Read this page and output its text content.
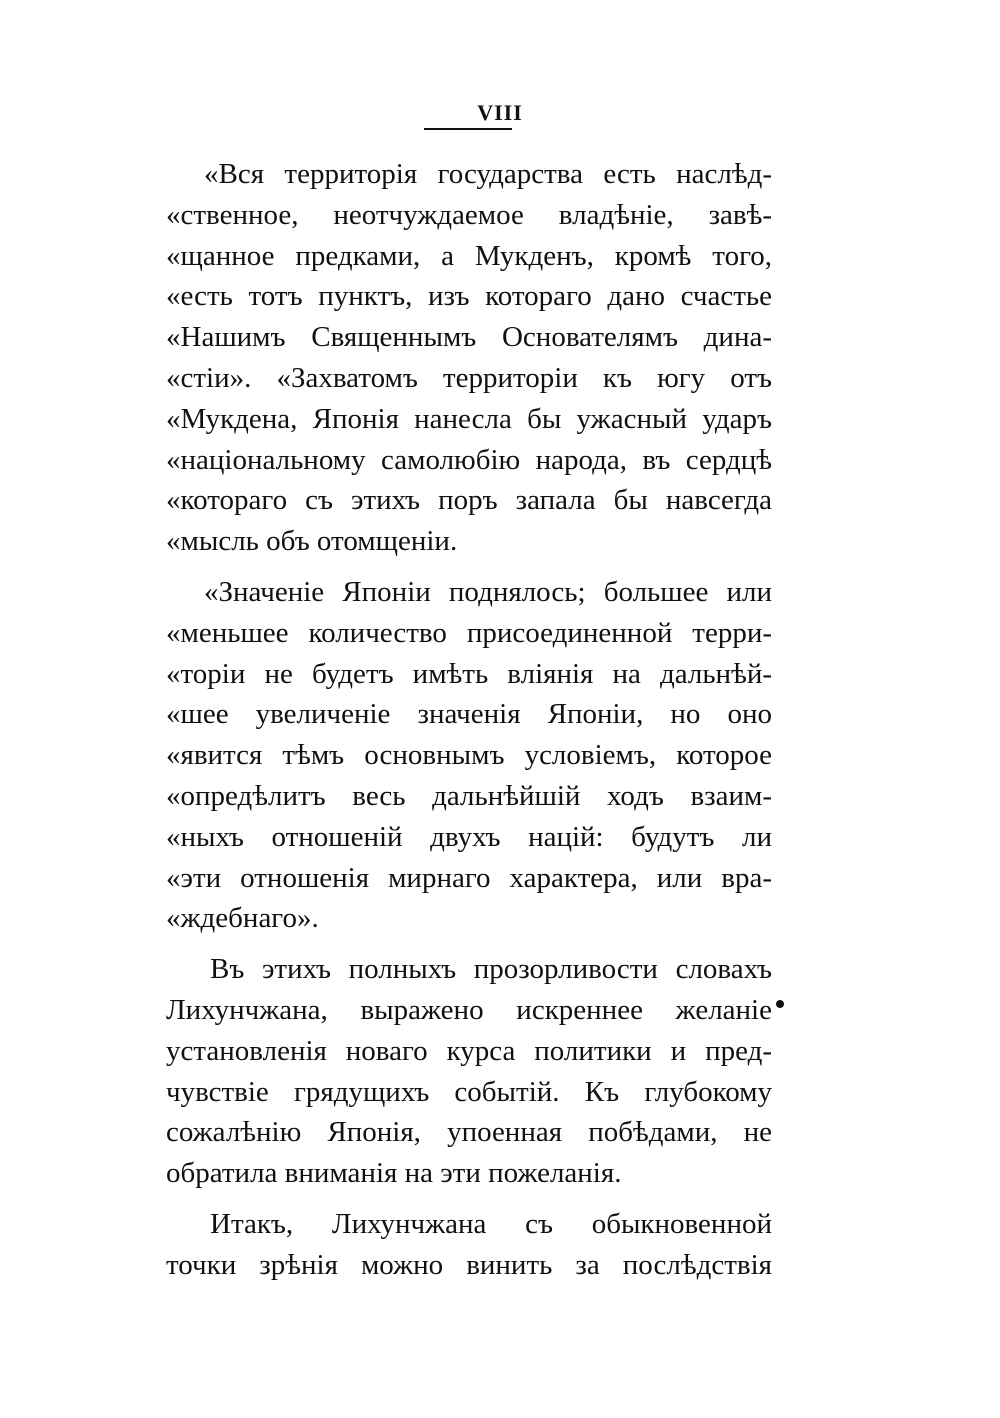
VIII
«Вся территорія государства есть наслѣд-
«ственное, неотчуждаемое владѣніе, завѣ-
«щанное предками, а Мукденъ, кромѣ того,
«есть тотъ пунктъ, изъ котораго дано счастье
«Нашимъ Священнымъ Основателямъ дина-
«стіи». «Захватомъ территоріи къ югу отъ
«Мукдена, Японія нанесла бы ужасный ударъ
«національному самолюбію народа, въ сердцѣ
«котораго съ этихъ поръ запала бы навсегда
«мысль объ отомщеніи.
«Значеніе Японіи поднялось; большее или
«меньшее количество присоединенной терри-
«торіи не будетъ имѣть вліянія на дальнѣй-
«шее увеличеніе значенія Японіи, но оно
«явится тѣмъ основнымъ условіемъ, которое
«опредѣлитъ весь дальнѣйшій ходъ взаим-
«ныхъ отношеній двухъ націй: будутъ ли
«эти отношенія мирнаго характера, или вра-
«ждебнаго».
Въ этихъ полныхъ прозорливости словахъ
Лихунчжана, выражено искреннее желаніе
установленія новаго курса политики и пред-
чувствіе грядущихъ событій. Къ глубокому
сожалѣнію Японія, упоенная побѣдами, не
обратила вниманія на эти пожеланія.
Итакъ, Лихунчжана съ обыкновенной
точки зрѣнія можно винить за послѣдствія
